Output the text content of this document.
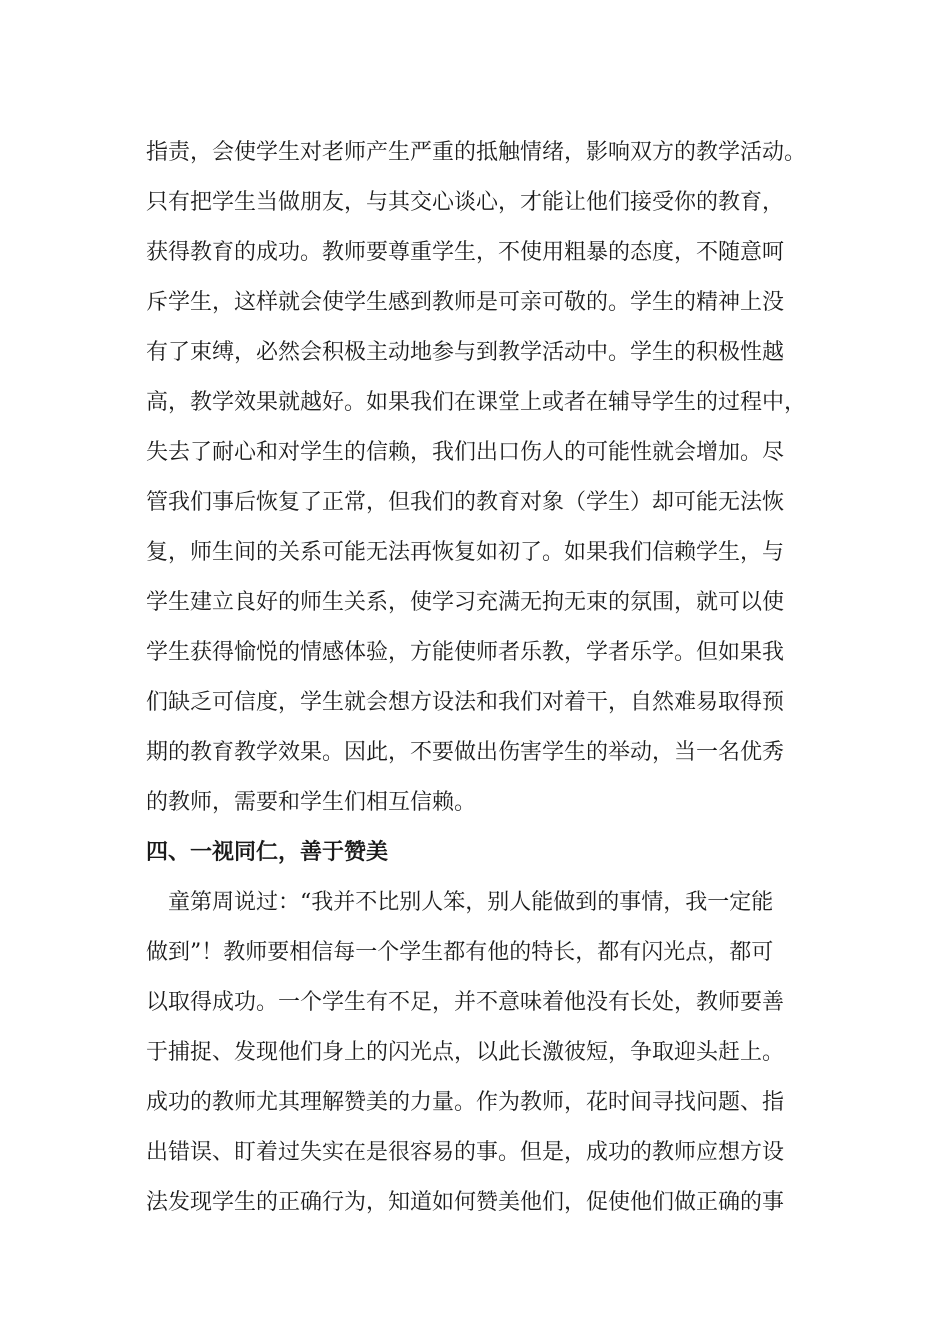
指责，会使学生对老师产生严重的抵触情绪，影响双方的教学活动。
只有把学生当做朋友，与其交心谈心，才能让他们接受你的教育，
获得教育的成功。教师要尊重学生，不使用粗暴的态度，不随意呵
斥学生，这样就会使学生感到教师是可亲可敬的。学生的精神上没
有了束缚，必然会积极主动地参与到教学活动中。学生的积极性越
高，教学效果就越好。如果我们在课堂上或者在辅导学生的过程中，
失去了耐心和对学生的信赖，我们出口伤人的可能性就会增加。尽
管我们事后恢复了正常，但我们的教育对象（学生）却可能无法恢
复，师生间的关系可能无法再恢复如初了。如果我们信赖学生，与
学生建立良好的师生关系，使学习充满无拘无束的氛围，就可以使
学生获得愉悦的情感体验，方能使师者乐教，学者乐学。但如果我
们缺乏可信度，学生就会想方设法和我们对着干，自然难易取得预
期的教育教学效果。因此，不要做出伤害学生的举动，当一名优秀
的教师，需要和学生们相互信赖。
四、一视同仁，善于赞美
童第周说过：“我并不比别人笨，别人能做到的事情，我一定能
做到”！教师要相信每一个学生都有他的特长，都有闪光点，都可
以取得成功。一个学生有不足，并不意味着他没有长处，教师要善
于捕捉、发现他们身上的闪光点，以此长激彼短，争取迎头赶上。
成功的教师尤其理解赞美的力量。作为教师，花时间寻找问题、指
出错误、盯着过失实在是很容易的事。但是，成功的教师应想方设
法发现学生的正确行为，知道如何赞美他们，促使他们做正确的事
